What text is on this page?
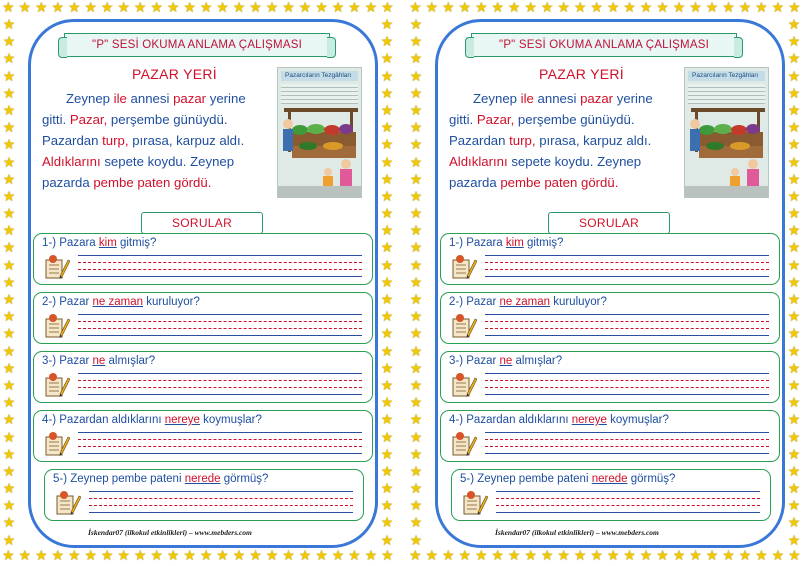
★ ★ ★ ★ ★ ★ ★ ★ ★ ★ ★ ★ ★ ★ ★ ★ ★ ★ ★ ★ ★ ★ ★ ★
★ ★ ★ ★ ★ ★ ★ ★ ★ ★ ★ ★ ★ ★ ★ ★ ★ ★ ★ ★ ★ ★ ★ ★
★
★
★
★
★
★
★
★
★
★
★
★
★
★
★
★
★
★
★
★
★
★
★
★
★
★
★
★
★
★
★
★
★
★
★
★
★
★
★
★
★
★
★
★
★
★
★
★
★
★
★
★
★
★
★
★
★
★
★
★
★
★
"P" SESİ OKUMA ANLAMA ÇALIŞMASI
PAZAR YERİ
Zeynep ile annesi pazar yerine
gitti. Pazar, perşembe günüydü.
Pazardan turp, pırasa, karpuz aldı.
Aldıklarını sepete koydu. Zeynep
pazarda pembe paten gördü.
Pazarcıların Tezgâhları
SORULAR
1-) Pazara kim gitmiş?
2-) Pazar ne zaman kuruluyor?
3-) Pazar ne almışlar?
4-) Pazardan aldıklarını nereye koymuşlar?
5-) Zeynep pembe pateni nerede görmüş?
İskendar07 (ilkokul etkinlikleri) – www.mebders.com
★ ★ ★ ★ ★ ★ ★ ★ ★ ★ ★ ★ ★ ★ ★ ★ ★ ★ ★ ★ ★ ★ ★ ★
★ ★ ★ ★ ★ ★ ★ ★ ★ ★ ★ ★ ★ ★ ★ ★ ★ ★ ★ ★ ★ ★ ★ ★
★
★
★
★
★
★
★
★
★
★
★
★
★
★
★
★
★
★
★
★
★
★
★
★
★
★
★
★
★
★
★
★
★
★
★
★
★
★
★
★
★
★
★
★
★
★
★
★
★
★
★
★
★
★
★
★
★
★
★
★
★
★
"P" SESİ OKUMA ANLAMA ÇALIŞMASI
PAZAR YERİ
Zeynep ile annesi pazar yerine
gitti. Pazar, perşembe günüydü.
Pazardan turp, pırasa, karpuz aldı.
Aldıklarını sepete koydu. Zeynep
pazarda pembe paten gördü.
Pazarcıların Tezgâhları
SORULAR
1-) Pazara kim gitmiş?
2-) Pazar ne zaman kuruluyor?
3-) Pazar ne almışlar?
4-) Pazardan aldıklarını nereye koymuşlar?
5-) Zeynep pembe pateni nerede görmüş?
İskendar07 (ilkokul etkinlikleri) – www.mebders.com
